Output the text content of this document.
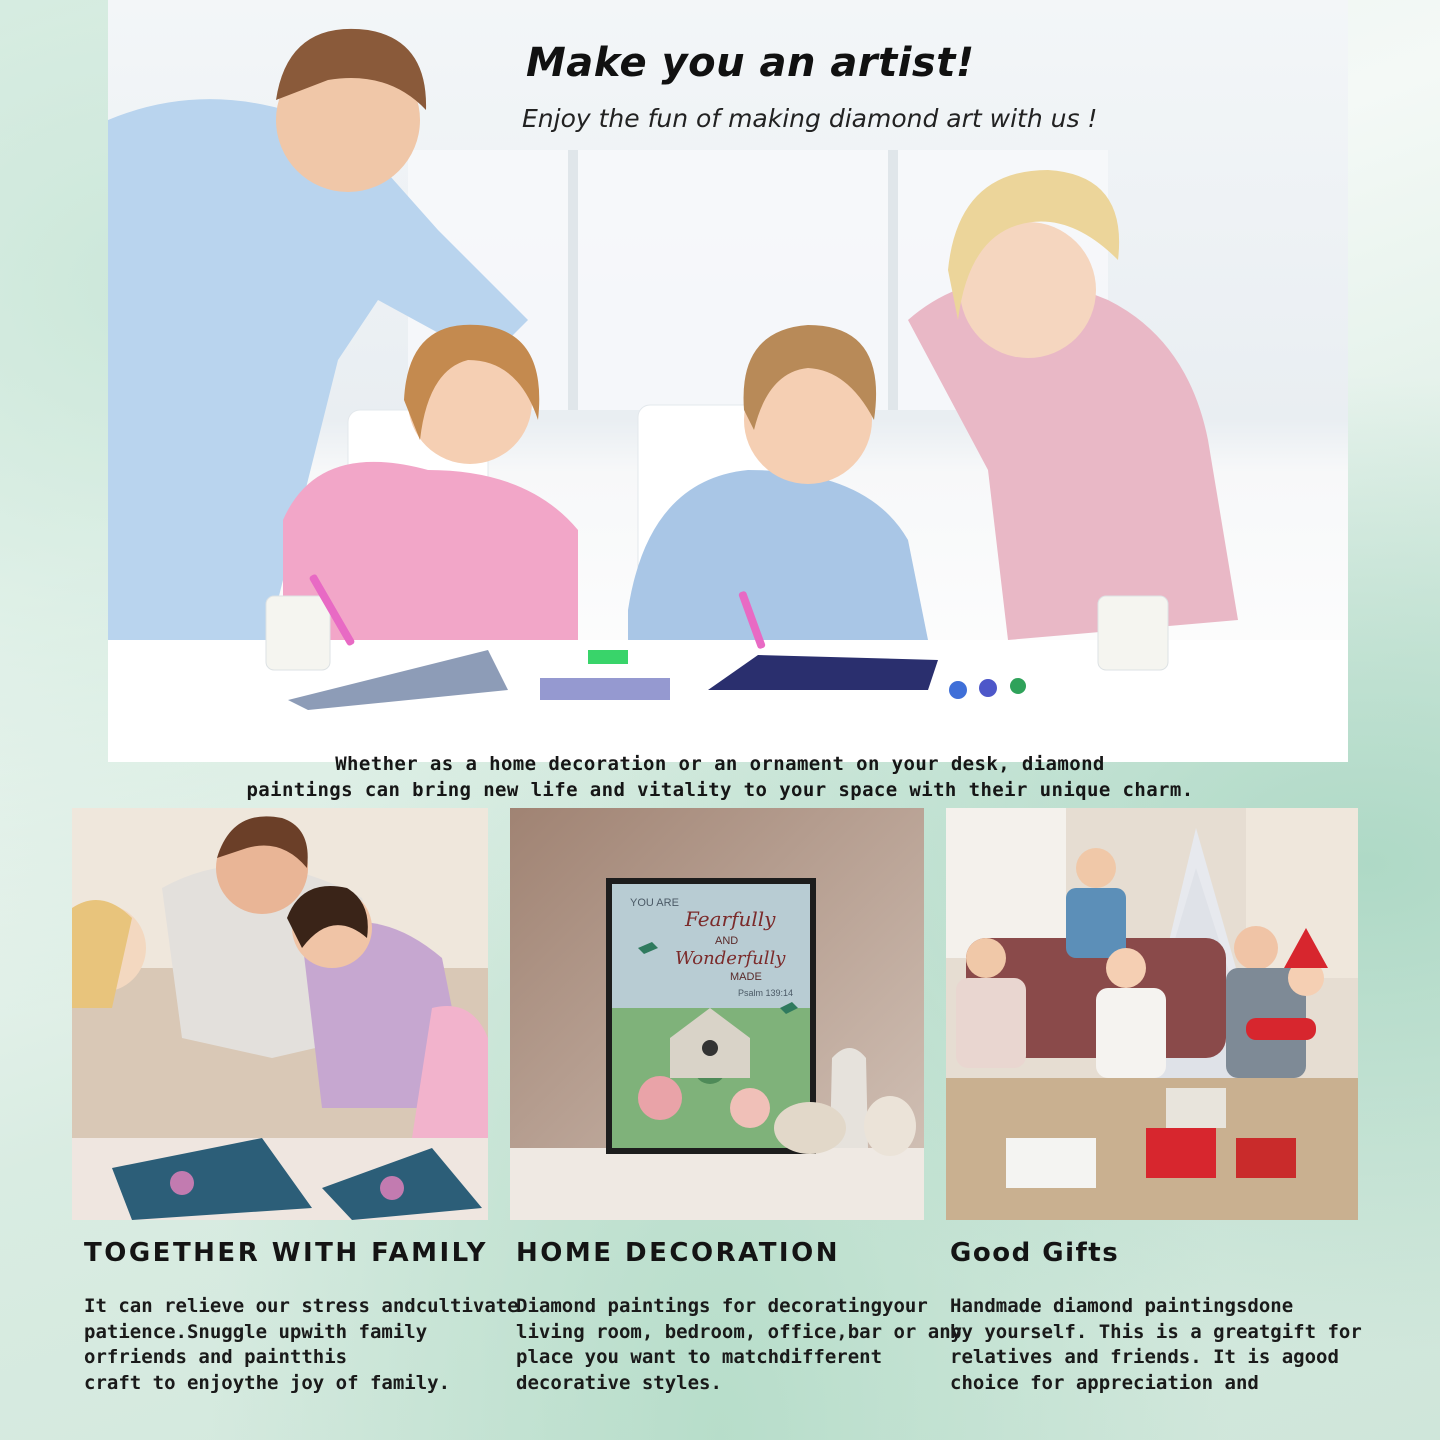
Make you an artist!

Enjoy the fun of making diamond art with us !

Whether as a home decoration or an ornament on your desk, diamond

paintings can bring new life and vitality to your space with their unique charm.

YOU ARE
Fearfully
AND
Wonderfully
MADE
Psalm 139:14
TOGETHER WITH FAMILY
It can relieve our stress andcultivate
patience.Snuggle upwith family
orfriends and paintthis
craft to enjoythe joy of family.
HOME DECORATION
Diamond paintings for decoratingyour
living room, bedroom, office,bar or any
place you want to matchdifferent
decorative styles.
Good Gifts
Handmade diamond paintingsdone
by yourself. This is a greatgift for
relatives and friends. It is agood
choice for appreciation and
